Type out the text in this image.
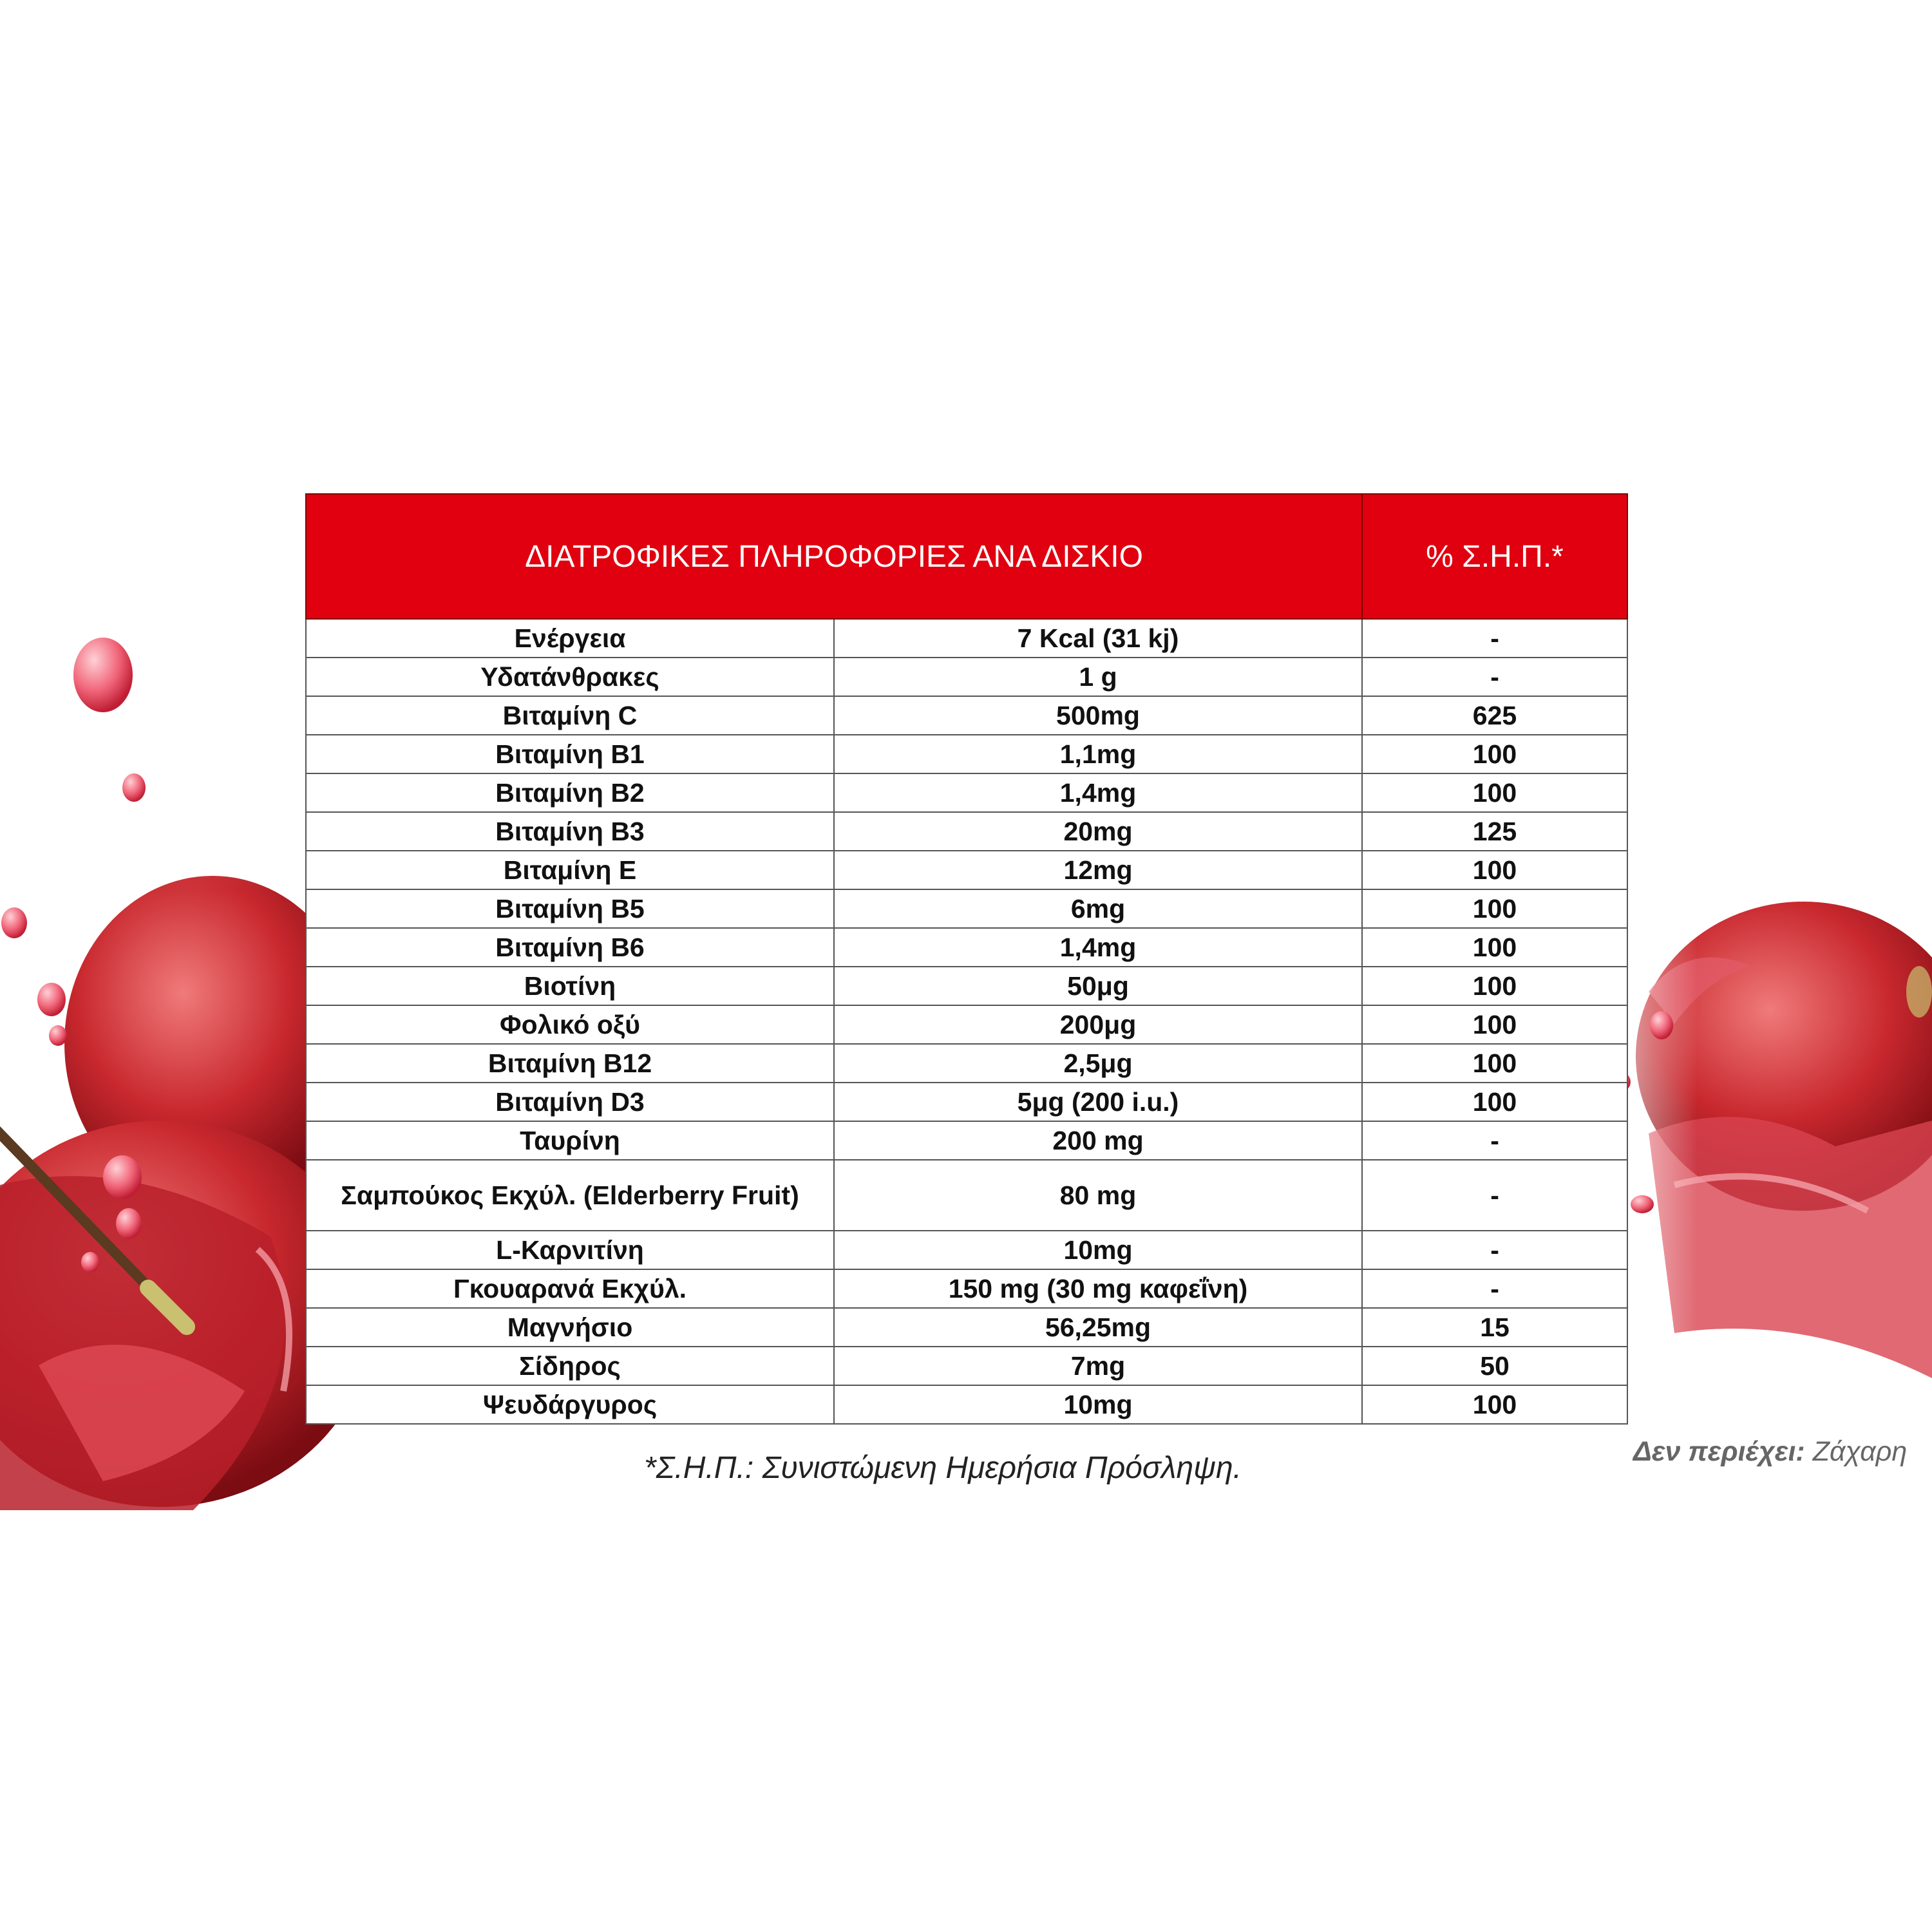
ΔΙΑΤΡΟΦΙΚΕΣ ΠΛΗΡΟΦΟΡΙΕΣ ΑΝΑ ΔΙΣΚΙΟ		% Σ.Η.Π.*
Ενέργεια	7 Kcal (31 kj)	-
Υδατάνθρακες	1 g	-
Βιταμίνη C	500mg	625
Βιταμίνη B1	1,1mg	100
Βιταμίνη B2	1,4mg	100
Βιταμίνη B3	20mg	125
Βιταμίνη E	12mg	100
Βιταμίνη B5	6mg	100
Βιταμίνη B6	1,4mg	100
Βιοτίνη	50μg	100
Φολικό οξύ	200μg	100
Βιταμίνη B12	2,5μg	100
Βιταμίνη D3	5μg (200 i.u.)	100
Ταυρίνη	200 mg	-
Σαμπούκος Εκχύλ. (Elderberry Fruit)	80 mg	-
L-Καρνιτίνη	10mg	-
Γκουαρανά Εκχύλ.	150 mg (30 mg καφεΐνη)	-
Μαγνήσιο	56,25mg	15
Σίδηρος	7mg	50
Ψευδάργυρος	10mg	100
*Σ.Η.Π.: Συνιστώμενη Ημερήσια Πρόσληψη.	Δεν περιέχει: Ζάχαρη
